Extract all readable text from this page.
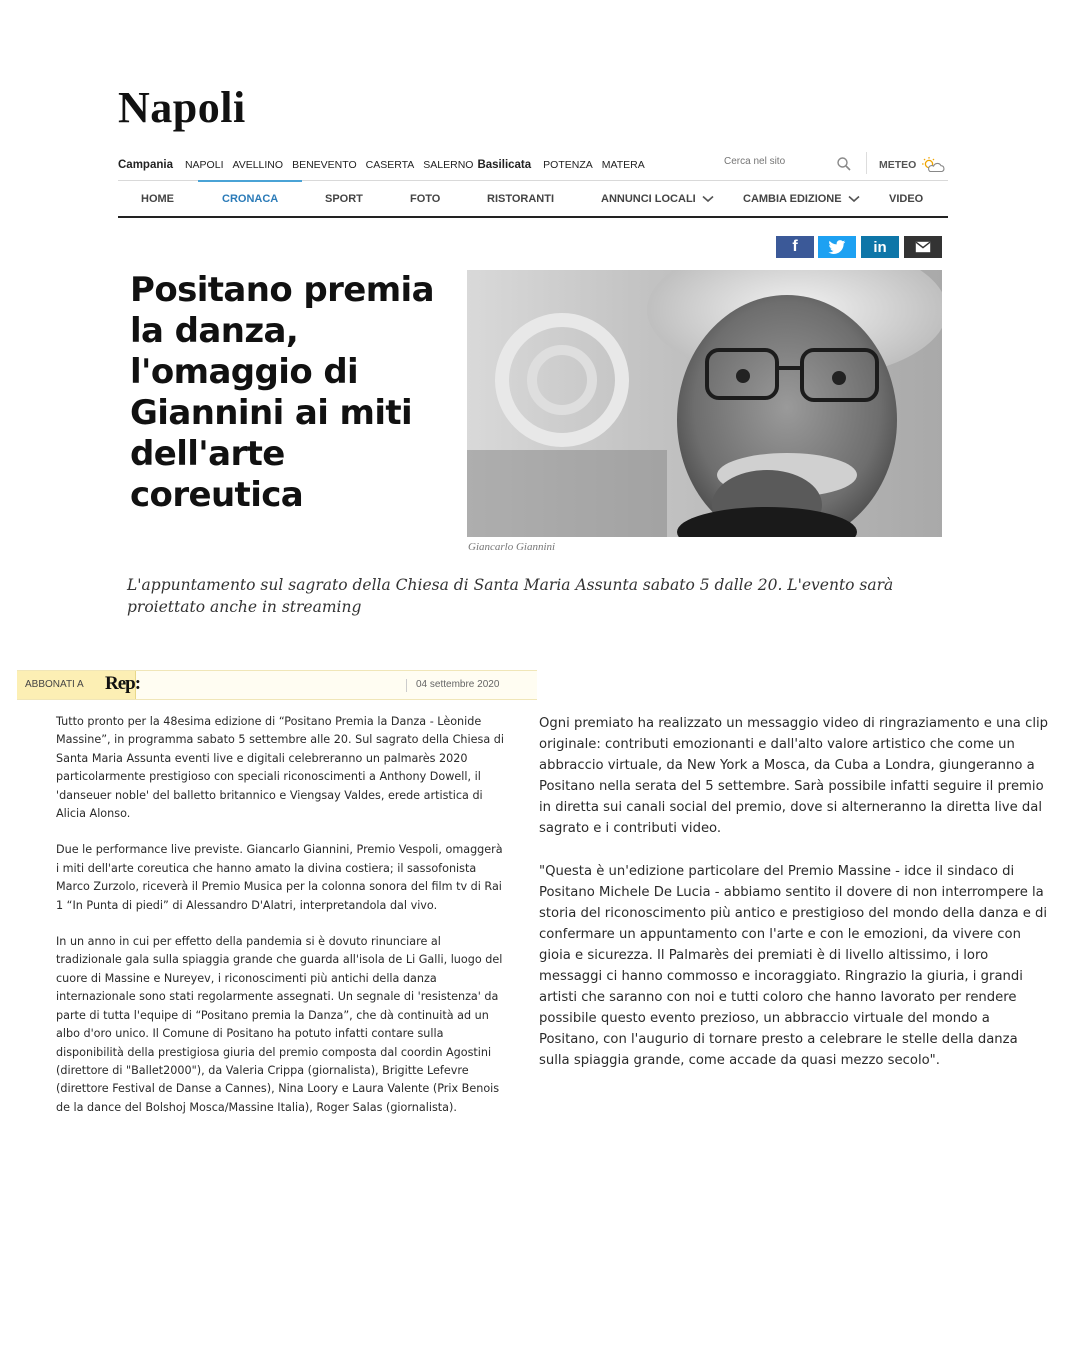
Napoli
Campania NAPOLI AVELLINO BENEVENTO CASERTA SALERNO Basilicata POTENZA MATERA
Cerca nel sito	METEO
HOME	CRONACA	SPORT	FOTO	RISTORANTI	ANNUNCI LOCALI	CAMBIA EDIZIONE	VIDEO
f	in
Positano premia la danza, l'omaggio di Giannini ai miti dell'arte coreutica
Giancarlo Giannini
L'appuntamento sul sagrato della Chiesa di Santa Maria Assunta sabato 5 dalle 20. L'evento sarà proiettato anche in streaming
ABBONATI A Rep:	04 settembre 2020

Tutto pronto per la 48esima edizione di “Positano Premia la Danza - Lèonide Massine”, in programma sabato 5 settembre alle 20. Sul sagrato della Chiesa di Santa Maria Assunta eventi live e digitali celebreranno un palmarès 2020 particolarmente prestigioso con speciali riconoscimenti a Anthony Dowell, il 'danseuer noble' del balletto britannico e Viengsay Valdes, erede artistica di Alicia Alonso.

Due le performance live previste. Giancarlo Giannini, Premio Vespoli, omaggerà i miti dell'arte coreutica che hanno amato la divina costiera; il sassofonista Marco Zurzolo, riceverà il Premio Musica per la colonna sonora del film tv di Rai 1 “In Punta di piedi” di Alessandro D'Alatri, interpretandola dal vivo.

In un anno in cui per effetto della pandemia si è dovuto rinunciare al tradizionale gala sulla spiaggia grande che guarda all'isola de Li Galli, luogo del cuore di Massine e Nureyev, i riconoscimenti più antichi della danza internazionale sono stati regolarmente assegnati. Un segnale di 'resistenza' da parte di tutta l'equipe di “Positano premia la Danza”, che dà continuità ad un albo d'oro unico. Il Comune di Positano ha potuto infatti contare sulla disponibilità della prestigiosa giuria del premio composta dal coordin Agostini (direttore di "Ballet2000"), da Valeria Crippa (giornalista), Brigitte Lefevre (direttore Festival de Danse a Cannes), Nina Loory e Laura Valente (Prix Benois de la dance del Bolshoj Mosca/Massine Italia), Roger Salas (giornalista).

Ogni premiato ha realizzato un messaggio video di ringraziamento e una clip originale: contributi emozionanti e dall'alto valore artistico che come un abbraccio virtuale, da New York a Mosca, da Cuba a Londra, giungeranno a Positano nella serata del 5 settembre. Sarà possibile infatti seguire il premio in diretta sui canali social del premio, dove si alterneranno la diretta live dal sagrato e i contributi video.

"Questa è un'edizione particolare del Premio Massine - idce il sindaco di Positano Michele De Lucia - abbiamo sentito il dovere di non interrompere la storia del riconoscimento più antico e prestigioso del mondo della danza e di confermare un appuntamento con l'arte e con le emozioni, da vivere con gioia e sicurezza. Il Palmarès dei premiati è di livello altissimo, i loro messaggi ci hanno commosso e incoraggiato. Ringrazio la giuria, i grandi artisti che saranno con noi e tutti coloro che hanno lavorato per rendere possibile questo evento prezioso, un abbraccio virtuale del mondo a Positano, con l'augurio di tornare presto a celebrare le stelle della danza sulla spiaggia grande, come accade da quasi mezzo secolo".
